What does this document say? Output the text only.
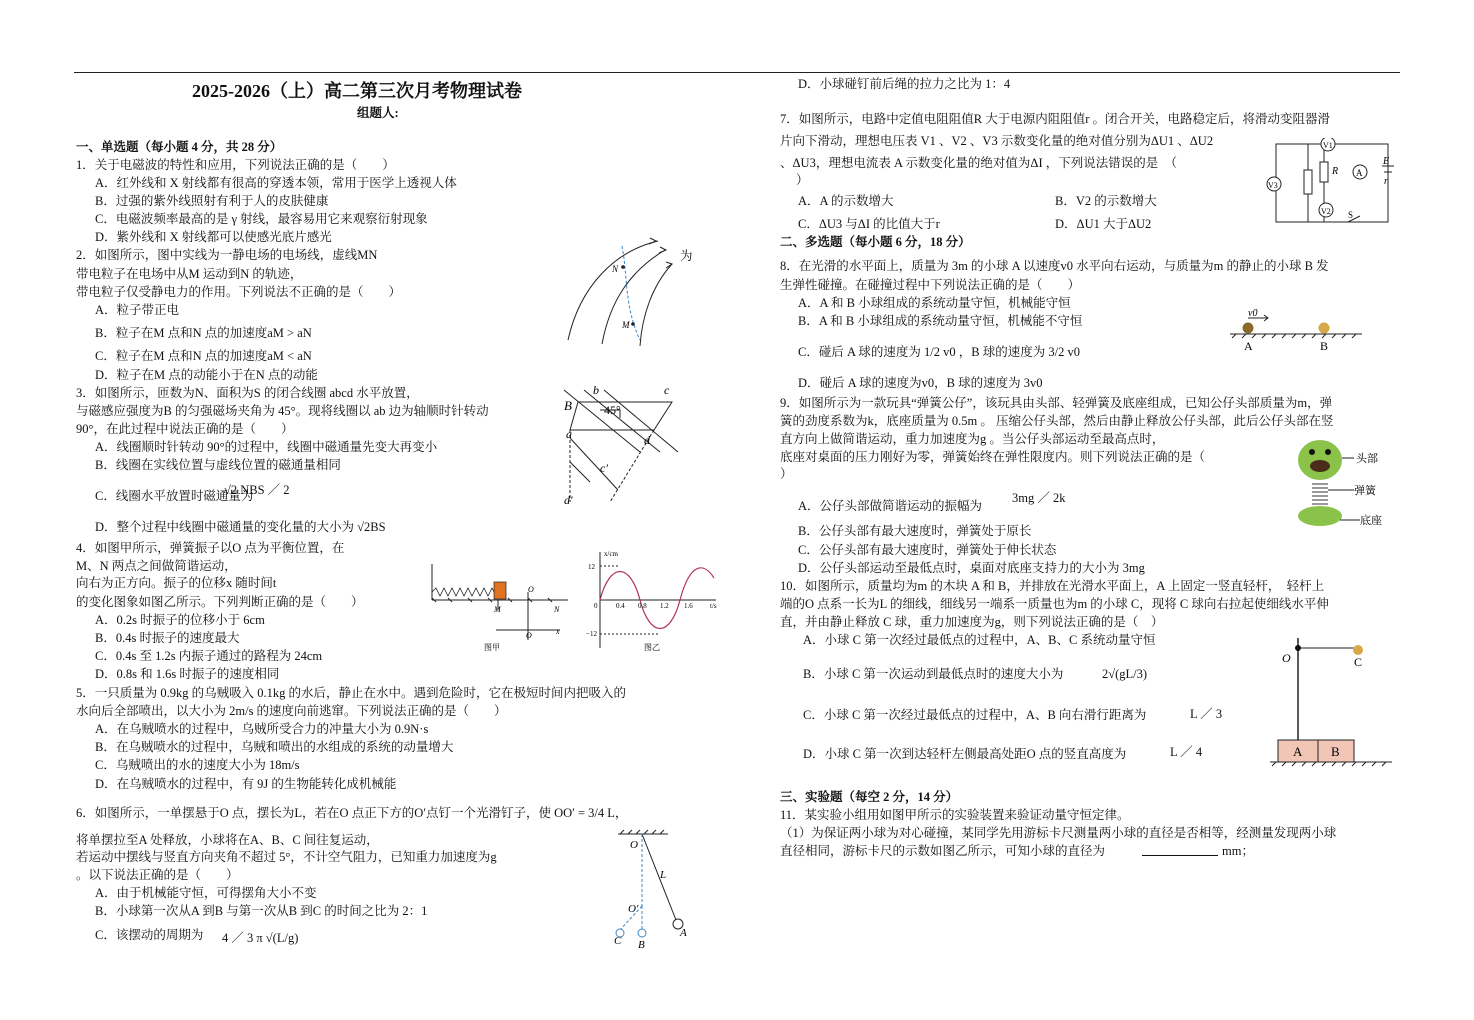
2025-2026（上）高二第三次月考物理试卷
组题人:
一、单选题（每小题 4 分，共 28 分）
1．关于电磁波的特性和应用，下列说法正确的是（　　）
A．红外线和 X 射线都有很高的穿透本领，常用于医学上透视人体
B．过强的紫外线照射有利于人的皮肤健康
C．电磁波频率最高的是 γ 射线，最容易用它来观察衍射现象
D．紫外线和 X 射线都可以使感光底片感光
2．如图所示，图中实线为一静电场的电场线，虚线MN	为
带电粒子在电场中从M 运动到N 的轨迹，
带电粒子仅受静电力的作用。下列说法不正确的是（　　）
A．粒子带正电
B．粒子在M 点和N 点的加速度aM > aN
C．粒子在M 点和N 点的加速度aM < aN
D．粒子在M 点的动能小于在N 点的动能
3．如图所示，匝数为N、面积为S 的闭合线圈 abcd 水平放置，
与磁感应强度为B 的匀强磁场夹角为 45°。现将线圈以 ab 边为轴顺时针转动
90°，在此过程中说法正确的是（　　）
A．线圈顺时针转动 90°的过程中，线圈中磁通量先变大再变小
B．线圈在实线位置与虚线位置的磁通量相同
C．线圈水平放置时磁通量为
√2 NBS ／ 2
D．整个过程中线圈中磁通量的变化量的大小为 √2BS
4．如图甲所示，弹簧振子以O 点为平衡位置，在
M、N 两点之间做简谐运动，
向右为正方向。振子的位移x 随时间t
的变化图象如图乙所示。下列判断正确的是（　　）
A．0.2s 时振子的位移小于 6cm
B．0.4s 时振子的速度最大
C．0.4s 至 1.2s 内振子通过的路程为 24cm
D．0.8s 和 1.6s 时振子的速度相同
5．一只质量为 0.9kg 的乌贼吸入 0.1kg 的水后，静止在水中。遇到危险时，它在极短时间内把吸入的
水向后全部喷出，以大小为 2m/s 的速度向前逃窜。下列说法正确的是（　　）
A．在乌贼喷水的过程中，乌贼所受合力的冲量大小为 0.9N·s
B．在乌贼喷水的过程中，乌贼和喷出的水组成的系统的动量增大
C．乌贼喷出的水的速度大小为 18m/s
D．在乌贼喷水的过程中，有 9J 的生物能转化成机械能
6．如图所示，一单摆悬于O 点，摆长为L，若在O 点正下方的O′点钉一个光滑钉子，使 OO′ = 3/4 L，
将单摆拉至A 处释放，小球将在A、B、C 间往复运动，
若运动中摆线与竖直方向夹角不超过 5°，不计空气阻力，已知重力加速度为g
。以下说法正确的是（　　）
A．由于机械能守恒，可得摆角大小不变
B．小球第一次从A 到B 与第一次从B 到C 的时间之比为 2：1
C．该摆动的周期为 4 ／ 3 π √(L/g)
D．小球碰钉前后绳的拉力之比为 1：4
7．如图所示，电路中定值电阻阻值R 大于电源内阻阻值r 。闭合开关，电路稳定后，将滑动变阻器滑
片向下滑动，理想电压表 V1 、V2 、V3 示数变化量的绝对值分别为ΔU1 、ΔU2
、ΔU3，理想电流表 A 示数变化量的绝对值为ΔI ，下列说法错误的是　（
）
A．A 的示数增大	B．V2 的示数增大
C．ΔU3 与ΔI 的比值大于r	D．ΔU1 大于ΔU2
二、多选题（每小题 6 分，18 分）
8．在光滑的水平面上，质量为 3m 的小球 A 以速度v0 水平向右运动，与质量为m 的静止的小球 B 发
生弹性碰撞。在碰撞过程中下列说法正确的是（　　）
A．A 和 B 小球组成的系统动量守恒，机械能守恒
B．A 和 B 小球组成的系统动量守恒，机械能不守恒
C．碰后 A 球的速度为 1/2 v0 ，B 球的速度为 3/2 v0
D．碰后 A 球的速度为v0，B 球的速度为 3v0
9．如图所示为一款玩具“弹簧公仔”，该玩具由头部、轻弹簧及底座组成，已知公仔头部质量为m，弹
簧的劲度系数为k，底座质量为 0.5m 。 压缩公仔头部，然后由静止释放公仔头部，此后公仔头部在竖
直方向上做简谐运动，重力加速度为g 。当公仔头部运动至最高点时，
底座对桌面的压力刚好为零，弹簧始终在弹性限度内。则下列说法正确的是（
）
A．公仔头部做简谐运动的振幅为
3mg ／ 2k
B．公仔头部有最大速度时，弹簧处于原长
C．公仔头部有最大速度时，弹簧处于伸长状态
D．公仔头部运动至最低点时，桌面对底座支持力的大小为 3mg
10．如图所示，质量均为m 的木块 A 和 B，并排放在光滑水平面上，A 上固定一竖直轻杆，　轻杆上
端的O 点系一长为L 的细线，细线另一端系一质量也为m 的小球 C，现将 C 球向右拉起使细线水平伸
直，并由静止释放 C 球，重力加速度为g，则下列说法正确的是（　）
A．小球 C 第一次经过最低点的过程中，A、B、C 系统动量守恒
B．小球 C 第一次运动到最低点时的速度大小为	2√(gL/3)
C．小球 C 第一次经过最低点的过程中，A、B 向右滑行距离为	L ／ 3
D．小球 C 第一次到达轻杆左侧最高处距O 点的竖直高度为	L ／ 4
三、实验题（每空 2 分，14 分）
11．某实验小组用如图甲所示的实验装置来验证动量守恒定律。
（1）为保证两小球为对心碰撞，某同学先用游标卡尺测量两小球的直径是否相等，经测量发现两小球
直径相同，游标卡尺的示数如图乙所示，可知小球的直径为	mm；
N
M
b	c
B	45°
a	d
c′
d′
M
O
N
O	x
图甲
x/cm
12
−12
0	0.4 0.8 1.2 1.6 t/s
图乙
O
L
O′
C B
A
V1
V3
R A
E
r
V2 S
v0
A	B
头部
弹簧
底座
O	C
A B
